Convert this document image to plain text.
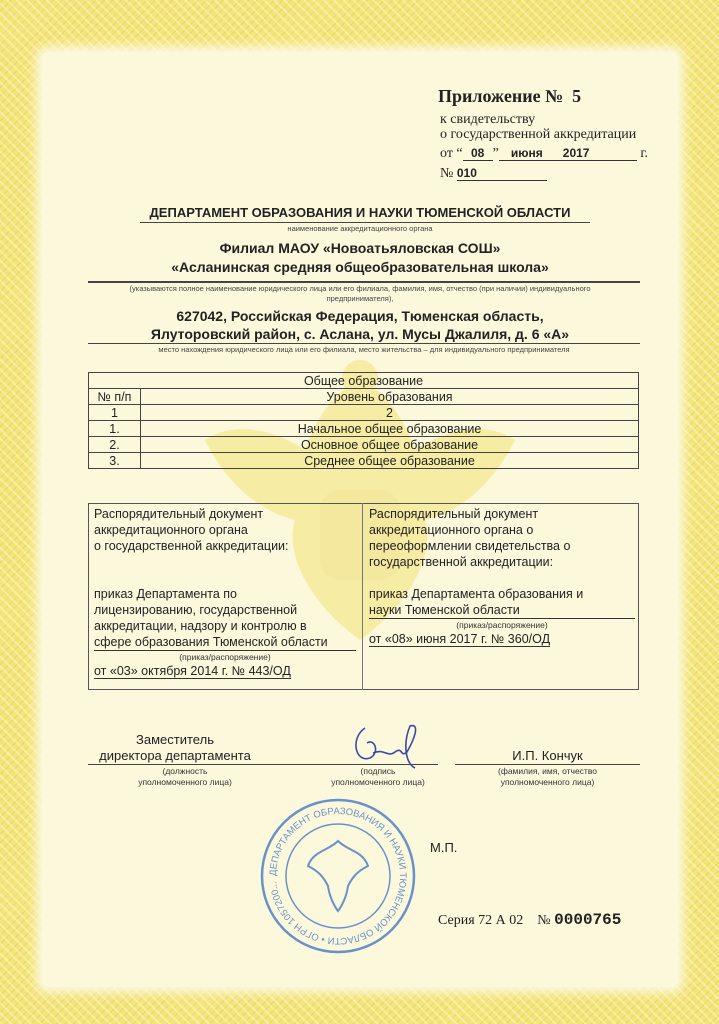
Приложение № 5
к свидетельству
о государственной аккредитации
от “ 08 ” июня 2017	г.
№ 010
ДЕПАРТАМЕНТ ОБРАЗОВАНИЯ И НАУКИ ТЮМЕНСКОЙ ОБЛАСТИ
наименование аккредитационного органа
Филиал МАОУ «Новоатьяловская СОШ»
«Асланинская средняя общеобразовательная школа»
(указываются полное наименование юридического лица или его филиала, фамилия, имя, отчество (при наличии) индивидуального предпринимателя),
627042, Российская Федерация, Тюменская область,
Ялуторовский район, с. Аслана, ул. Мусы Джалиля, д. 6 «А»
место нахождения юридического лица или его филиала, место жительства – для индивидуального предпринимателя
Общее образование	
№ п/п	Уровень образования
1	2
1.	Начальное общее образование
2.	Основное общее образование
3.	Среднее общее образование
Распорядительный документ
аккредитационного органа
о государственной аккредитации:
приказ Департамента по
лицензированию, государственной
аккредитации, надзору и контролю в
сфере образования Тюменской области
(приказ/распоряжение)
от «03» октября 2014 г. № 443/ОД
Распорядительный документ
аккредитационного органа о
переоформлении свидетельства о
государственной аккредитации:
приказ Департамента образования и
науки Тюменской области
(приказ/распоряжение)
от «08» июня 2017 г. № 360/ОД
Заместитель
директора департамента
(должность
уполномоченного лица)
(подпись
уполномоченного лица)
И.П. Кончук
(фамилия, имя, отчество
уполномоченного лица)
ДЕПАРТАМЕНТ ОБРАЗОВАНИЯ И НАУКИ ТЮМЕНСКОЙ ОБЛАСТИ • ОГРН 1057200...
М.П.
Серия 72 А 02 № 0000765
